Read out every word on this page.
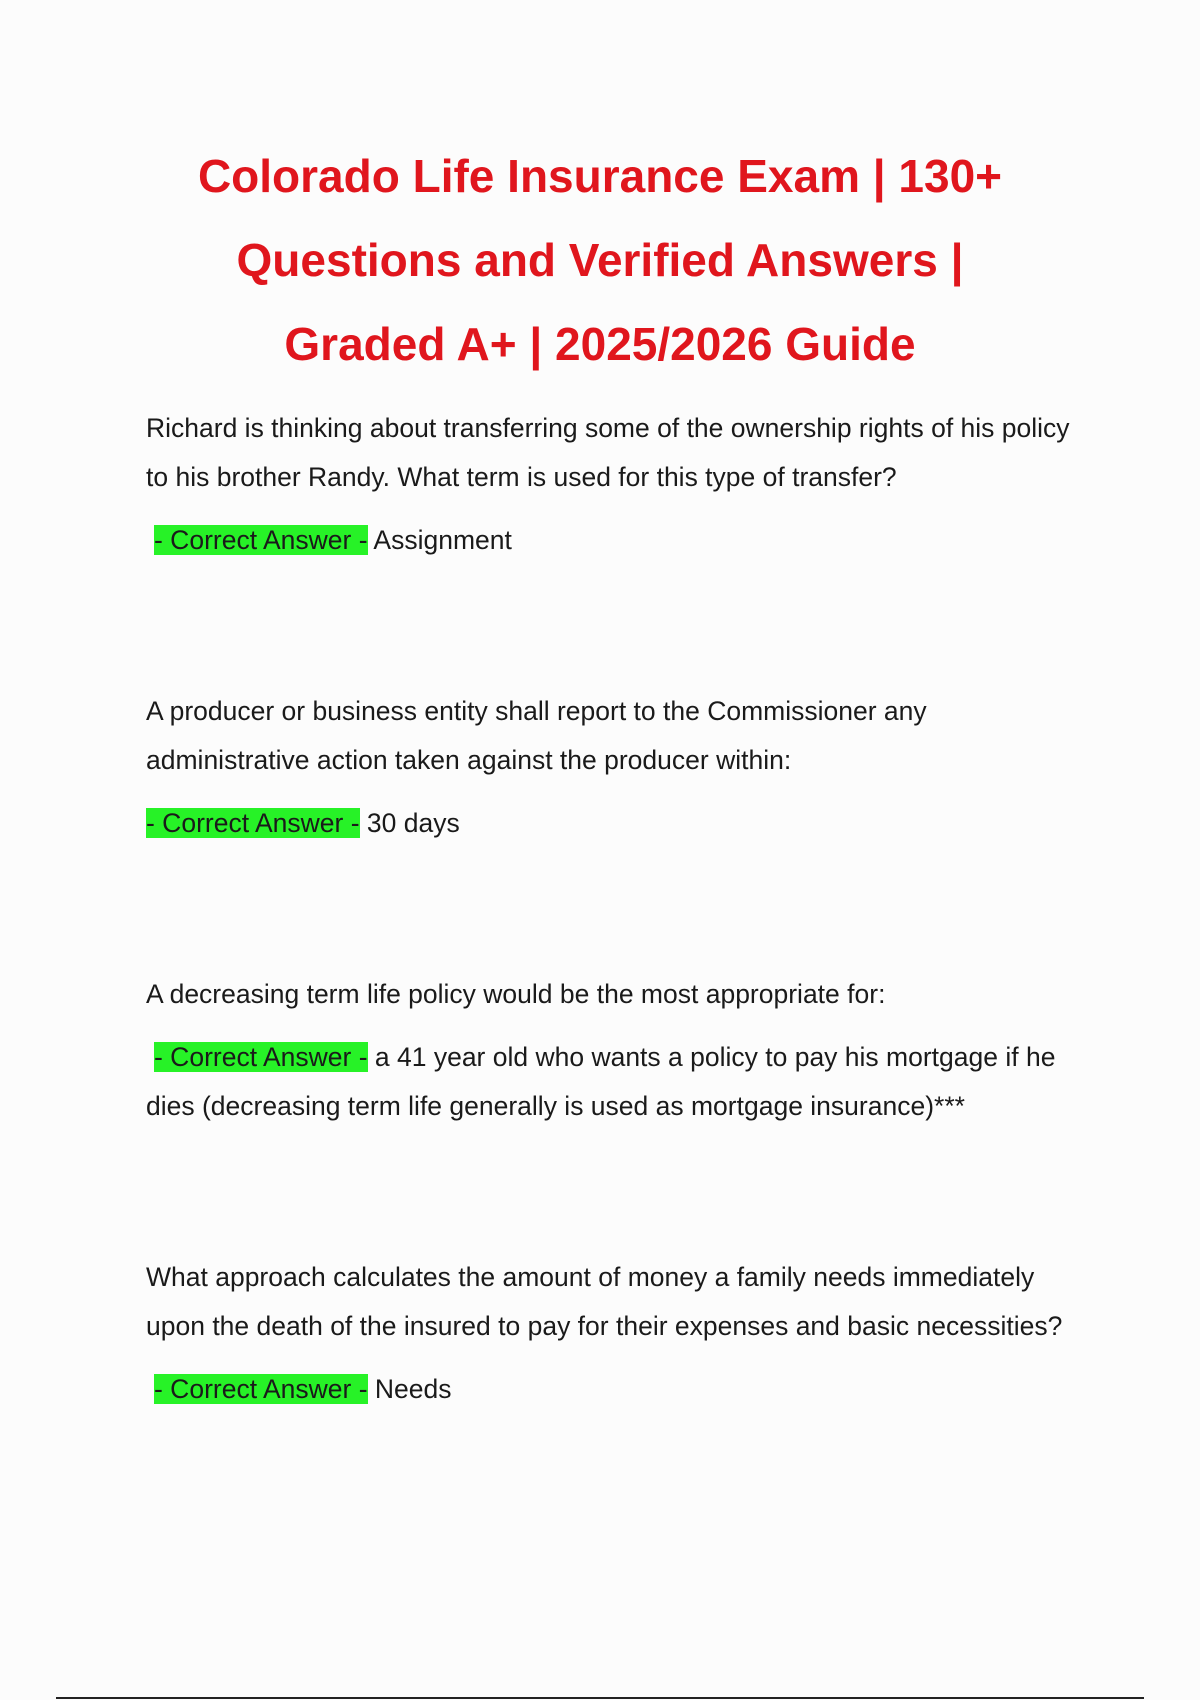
Colorado Life Insurance Exam | 130+
Questions and Verified Answers |
Graded A+ | 2025/2026 Guide

Richard is thinking about transferring some of the ownership rights of his policy to his brother Randy. What term is used for this type of transfer?

- Correct Answer - Assignment

A producer or business entity shall report to the Commissioner any administrative action taken against the producer within:

- Correct Answer - 30 days

A decreasing term life policy would be the most appropriate for:

- Correct Answer - a 41 year old who wants a policy to pay his mortgage if he dies (decreasing term life generally is used as mortgage insurance)***

What approach calculates the amount of money a family needs immediately upon the death of the insured to pay for their expenses and basic necessities?

- Correct Answer - Needs
